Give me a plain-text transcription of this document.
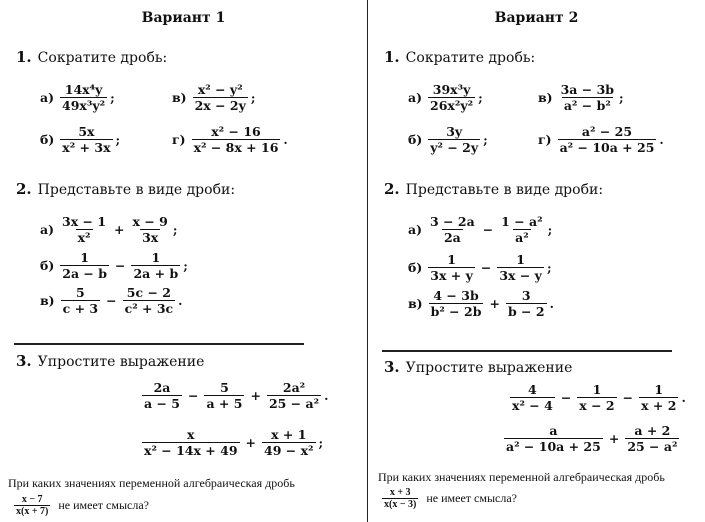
Вариант 1
1. Сократите дробь:
$а) \frac{\text{14x⁴y}}{\text{49x³y²}}$ ;	$в) \frac{\text{x² − y²}}{2x - 2y}$ ;
$б) \frac{5x}{\text{x² + 3x}}$ ;	$г) \frac{\text{x² − 16}}{\text{x² − 8x + 16}}$ .
2. Представьте в виде дроби:
$а) \frac{3x - 1}{\text{x²}} + \frac{x - 9}{3x}$ ;
$б) \frac{1}{2a - b} - \frac{1}{2a + b}$ ;
$в) \frac{5}{c + 3} - \frac{5c - 2}{\text{c² + 3c}}$ .
3. Упростите выражение
$\frac{2a}{a - 5} - \frac{5}{a + 5} + \frac{\text{2a²}}{\text{25 − a²}}$ .
$\frac{x}{\text{x² − 14x + 49}} + \frac{x + 1}{\text{49 − x²}}$ ;
При каких значениях переменной алгебраическая дробь
$\frac{x - 7}{x(x + 7)}$ не имеет смысла?
Вариант 2
1. Сократите дробь:
$а) \frac{\text{39x³y}}{\text{26x²y²}}$ ;	$в) \frac{3a - 3b}{\text{a² − b²}}$ ;
$б) \frac{3y}{\text{y² − 2y}}$ ;	$г) \frac{\text{a² − 25}}{\text{a² − 10a + 25}}$ .
2. Представьте в виде дроби:
$а) \frac{3 - 2a}{2a} - \frac{\text{1 − a²}}{\text{a²}}$ ;
$б) \frac{1}{3x + y} - \frac{1}{3x - y}$ ;
$в) \frac{4 - 3b}{\text{b² − 2b}} + \frac{3}{b - 2}$ .
3. Упростите выражение
$\frac{4}{\text{x² − 4}} - \frac{1}{x - 2} - \frac{1}{x + 2}$ .
$\frac{a}{\text{a² − 10a + 25}} + \frac{a + 2}{\text{25 − a²}}$
При каких значениях переменной алгебраическая дробь
$\frac{x + 3}{x(x - 3)}$ не имеет смысла?
